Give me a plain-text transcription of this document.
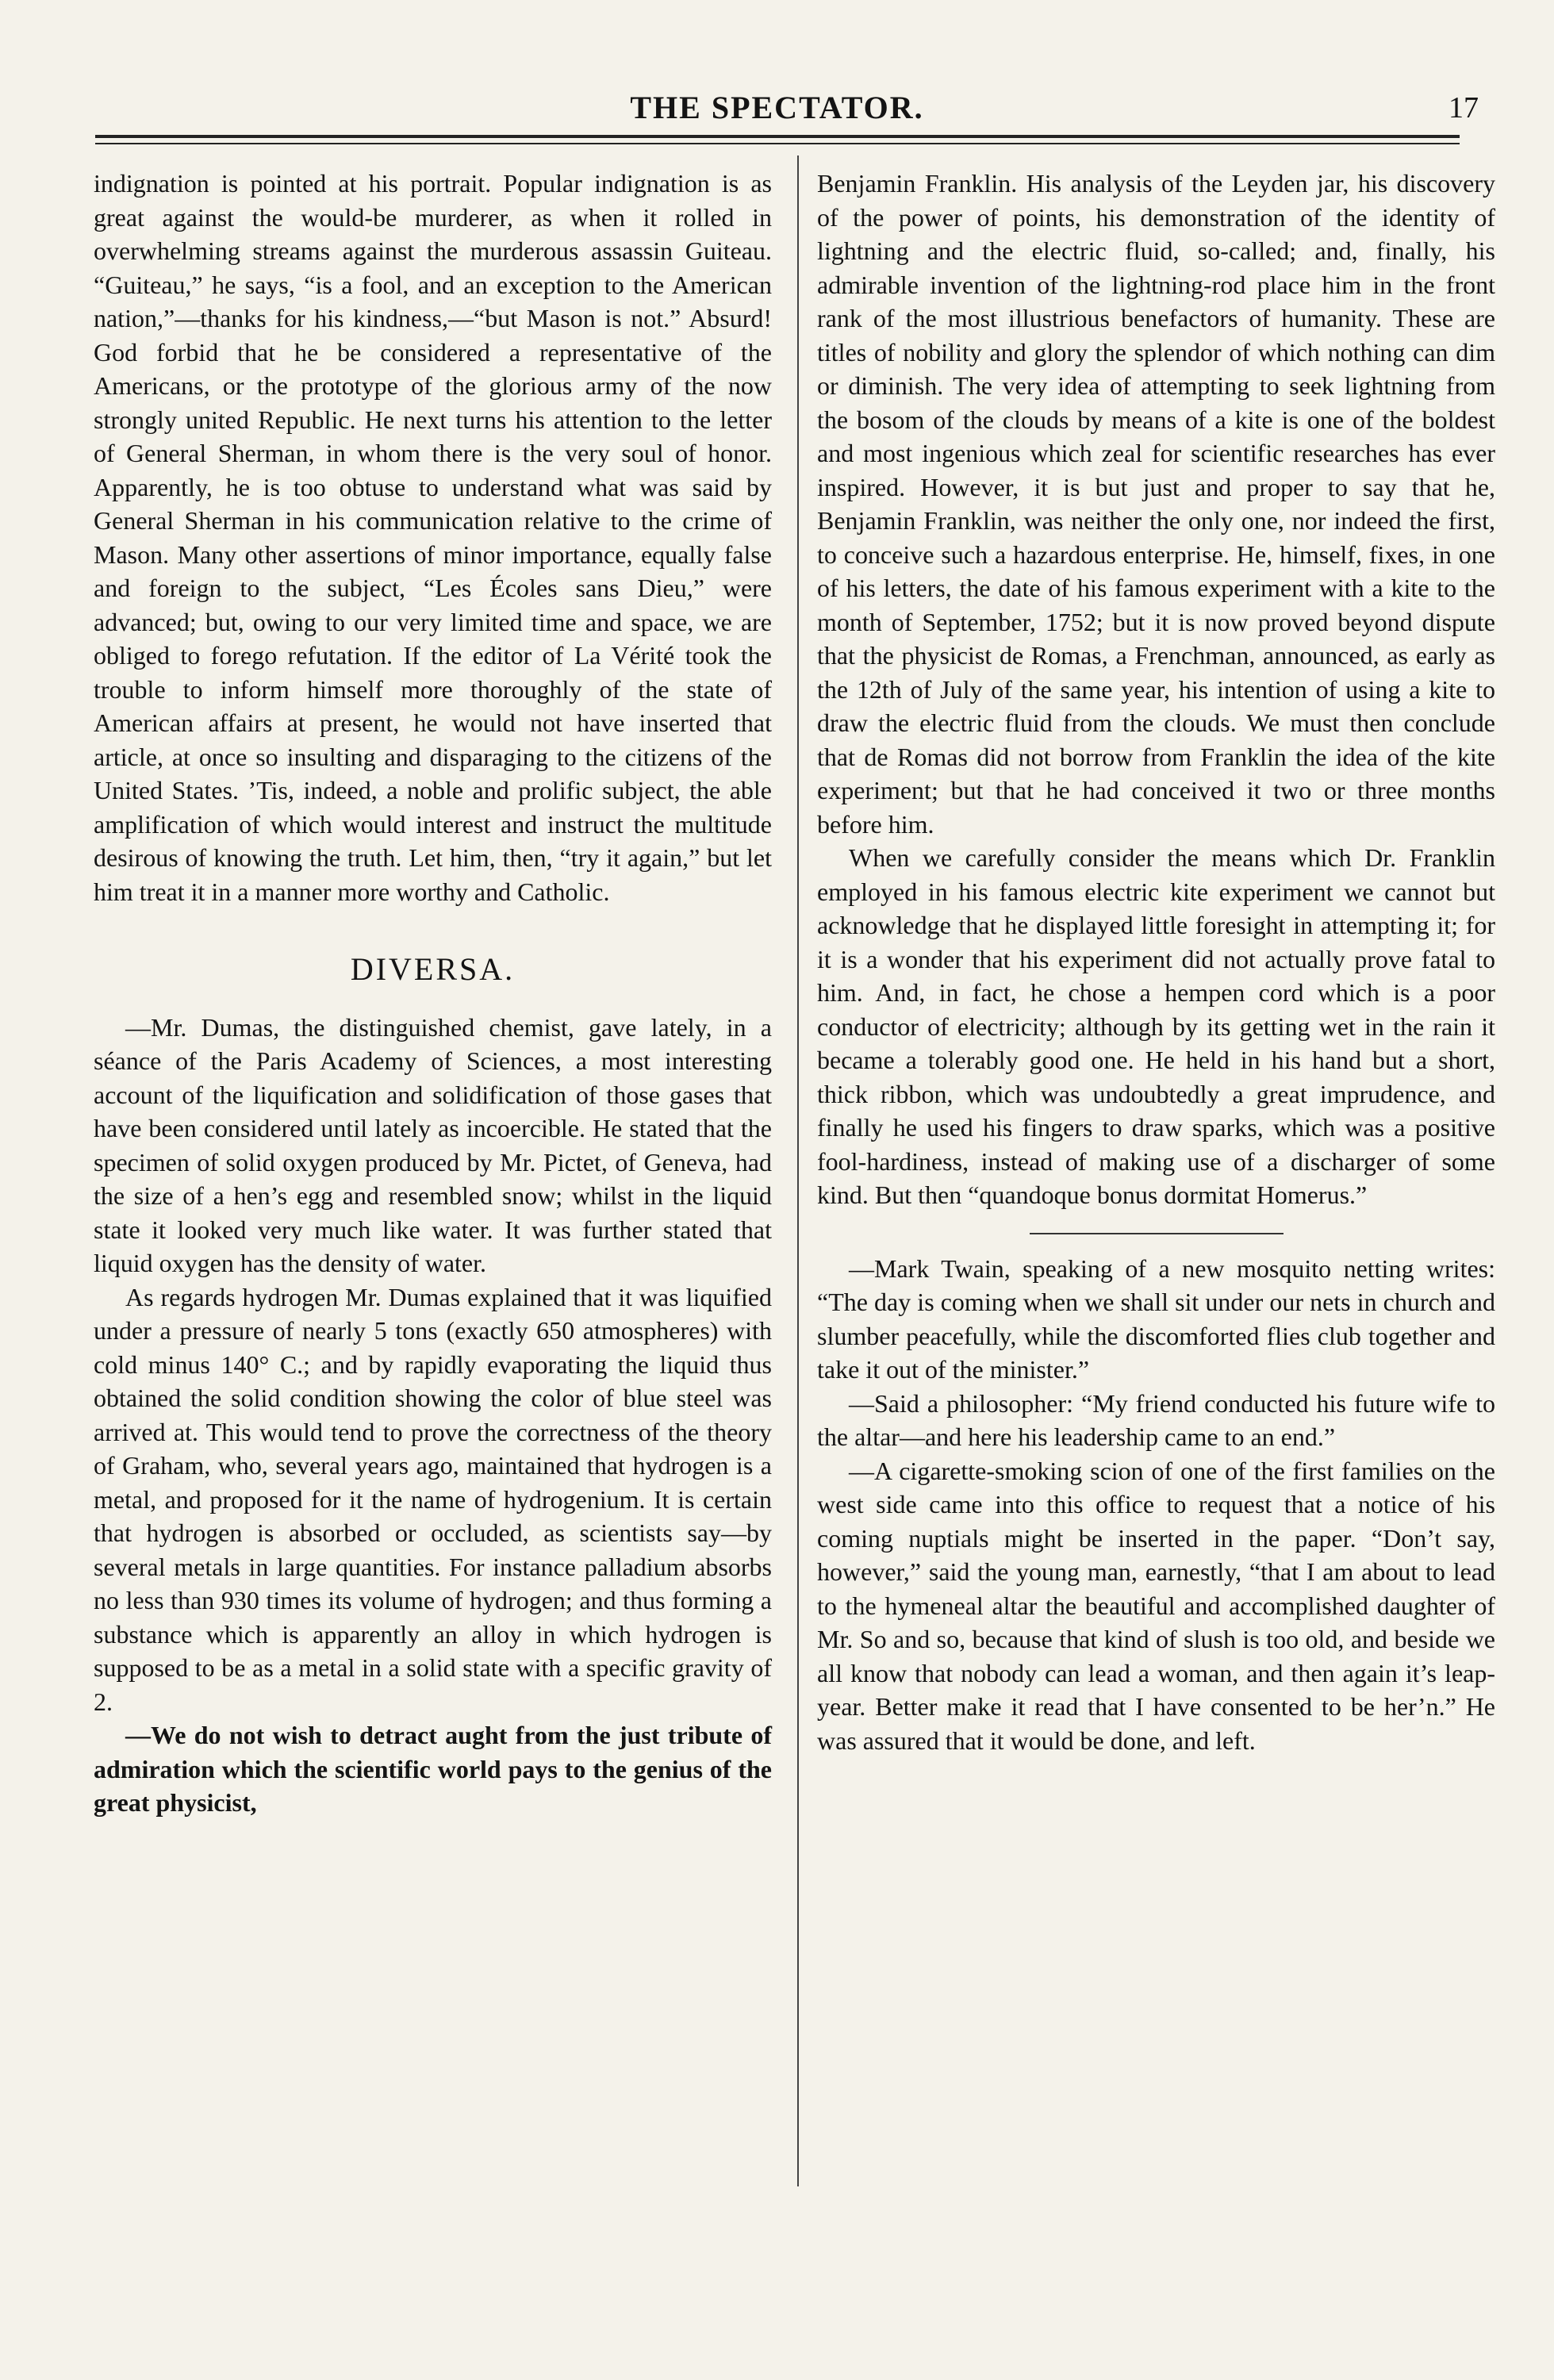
THE SPECTATOR.	17

indignation is pointed at his portrait. Popular indignation is as great against the would-be murderer, as when it rolled in overwhelming streams against the murderous assassin Guiteau. “Guiteau,” he says, “is a fool, and an exception to the American nation,”—thanks for his kindness,—“but Mason is not.” Absurd! God forbid that he be considered a representative of the Americans, or the prototype of the glorious army of the now strongly united Republic. He next turns his attention to the letter of General Sherman, in whom there is the very soul of honor. Apparently, he is too obtuse to understand what was said by General Sherman in his communication relative to the crime of Mason. Many other assertions of minor importance, equally false and foreign to the subject, “Les Écoles sans Dieu,” were advanced; but, owing to our very limited time and space, we are obliged to forego refutation. If the editor of La Vérité took the trouble to inform himself more thoroughly of the state of American affairs at present, he would not have inserted that article, at once so insulting and disparaging to the citizens of the United States. ’Tis, indeed, a noble and prolific subject, the able amplification of which would interest and instruct the multitude desirous of knowing the truth. Let him, then, “try it again,” but let him treat it in a manner more worthy and Catholic.

DIVERSA.

—Mr. Dumas, the distinguished chemist, gave lately, in a séance of the Paris Academy of Sciences, a most interesting account of the liquification and solidification of those gases that have been considered until lately as incoercible. He stated that the specimen of solid oxygen produced by Mr. Pictet, of Geneva, had the size of a hen’s egg and resembled snow; whilst in the liquid state it looked very much like water. It was further stated that liquid oxygen has the density of water.

As regards hydrogen Mr. Dumas explained that it was liquified under a pressure of nearly 5 tons (exactly 650 atmospheres) with cold minus 140° C.; and by rapidly evaporating the liquid thus obtained the solid condition showing the color of blue steel was arrived at. This would tend to prove the correctness of the theory of Graham, who, several years ago, maintained that hydrogen is a metal, and proposed for it the name of hydrogenium. It is certain that hydrogen is absorbed or occluded, as scientists say—by several metals in large quantities. For instance palladium absorbs no less than 930 times its volume of hydrogen; and thus forming a substance which is apparently an alloy in which hydrogen is supposed to be as a metal in a solid state with a specific gravity of 2.

—We do not wish to detract aught from the just tribute of admiration which the scientific world pays to the genius of the great physicist,

Benjamin Franklin. His analysis of the Leyden jar, his discovery of the power of points, his demonstration of the identity of lightning and the electric fluid, so-called; and, finally, his admirable invention of the lightning-rod place him in the front rank of the most illustrious benefactors of humanity. These are titles of nobility and glory the splendor of which nothing can dim or diminish. The very idea of attempting to seek lightning from the bosom of the clouds by means of a kite is one of the boldest and most ingenious which zeal for scientific researches has ever inspired. However, it is but just and proper to say that he, Benjamin Franklin, was neither the only one, nor indeed the first, to conceive such a hazardous enterprise. He, himself, fixes, in one of his letters, the date of his famous experiment with a kite to the month of September, 1752; but it is now proved beyond dispute that the physicist de Romas, a Frenchman, announced, as early as the 12th of July of the same year, his intention of using a kite to draw the electric fluid from the clouds. We must then conclude that de Romas did not borrow from Franklin the idea of the kite experiment; but that he had conceived it two or three months before him.

When we carefully consider the means which Dr. Franklin employed in his famous electric kite experiment we cannot but acknowledge that he displayed little foresight in attempting it; for it is a wonder that his experiment did not actually prove fatal to him. And, in fact, he chose a hempen cord which is a poor conductor of electricity; although by its getting wet in the rain it became a tolerably good one. He held in his hand but a short, thick ribbon, which was undoubtedly a great imprudence, and finally he used his fingers to draw sparks, which was a positive fool-hardiness, instead of making use of a discharger of some kind. But then “quandoque bonus dormitat Homerus.”

—Mark Twain, speaking of a new mosquito netting writes: “The day is coming when we shall sit under our nets in church and slumber peacefully, while the discomforted flies club together and take it out of the minister.”

—Said a philosopher: “My friend conducted his future wife to the altar—and here his leadership came to an end.”

—A cigarette-smoking scion of one of the first families on the west side came into this office to request that a notice of his coming nuptials might be inserted in the paper. “Don’t say, however,” said the young man, earnestly, “that I am about to lead to the hymeneal altar the beautiful and accomplished daughter of Mr. So and so, because that kind of slush is too old, and beside we all know that nobody can lead a woman, and then again it’s leap-year. Better make it read that I have consented to be her’n.” He was assured that it would be done, and left.
